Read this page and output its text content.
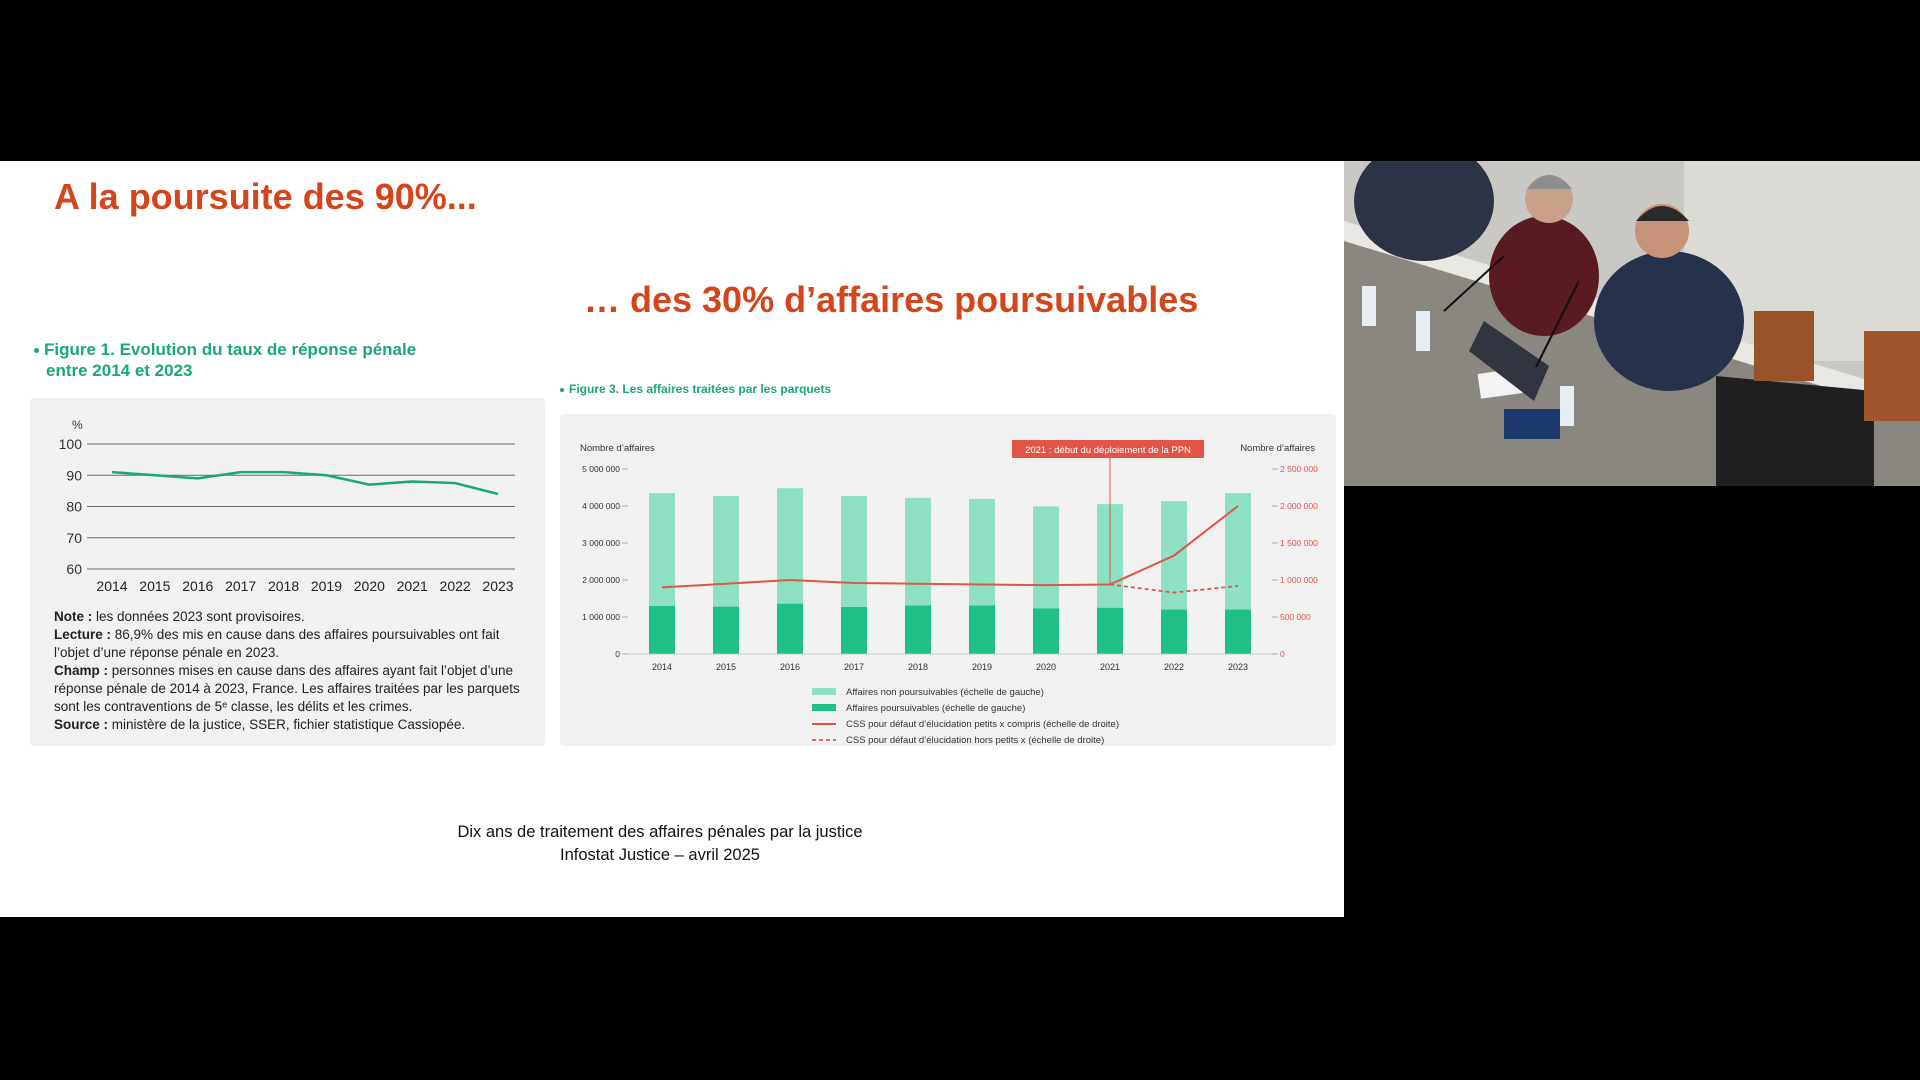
A la poursuite des 90%...
… des 30% d’affaires poursuivables
Figure 1. Evolution du taux de réponse pénale
entre 2014 et 2023
%
60
70
80
90
100
2014 2015 2016 2017 2018 2019 2020 2021 2022 2023
Note : les données 2023 sont provisoires.
Lecture : 86,9% des mis en cause dans des affaires poursuivables ont fait l’objet d’une réponse pénale en 2023.
Champ : personnes mises en cause dans des affaires ayant fait l’objet d’une réponse pénale de 2014 à 2023, France. Les affaires traitées par les parquets sont les contraventions de 5ᵉ classe, les délits et les crimes.
Source : ministère de la justice, SSER, fichier statistique Cassiopée.
Figure 3. Les affaires traitées par les parquets
Nombre d’affaires	Nombre d’affaires
0
1 000 000
2 000 000
3 000 000
4 000 000
5 000 000
0
500 000
1 000 000
1 500 000
2 000 000
2 500 000
2014	2015	2016	2017	2018	2019	2020	2021	2022	2023
2021 : début du déploiement de la PPN
Affaires non poursuivables (échelle de gauche)
Affaires poursuivables (échelle de gauche)
CSS pour défaut d’élucidation petits x compris (échelle de droite)
CSS pour défaut d’élucidation hors petits x (échelle de droite)
Dix ans de traitement des affaires pénales par la justice
Infostat Justice – avril 2025
